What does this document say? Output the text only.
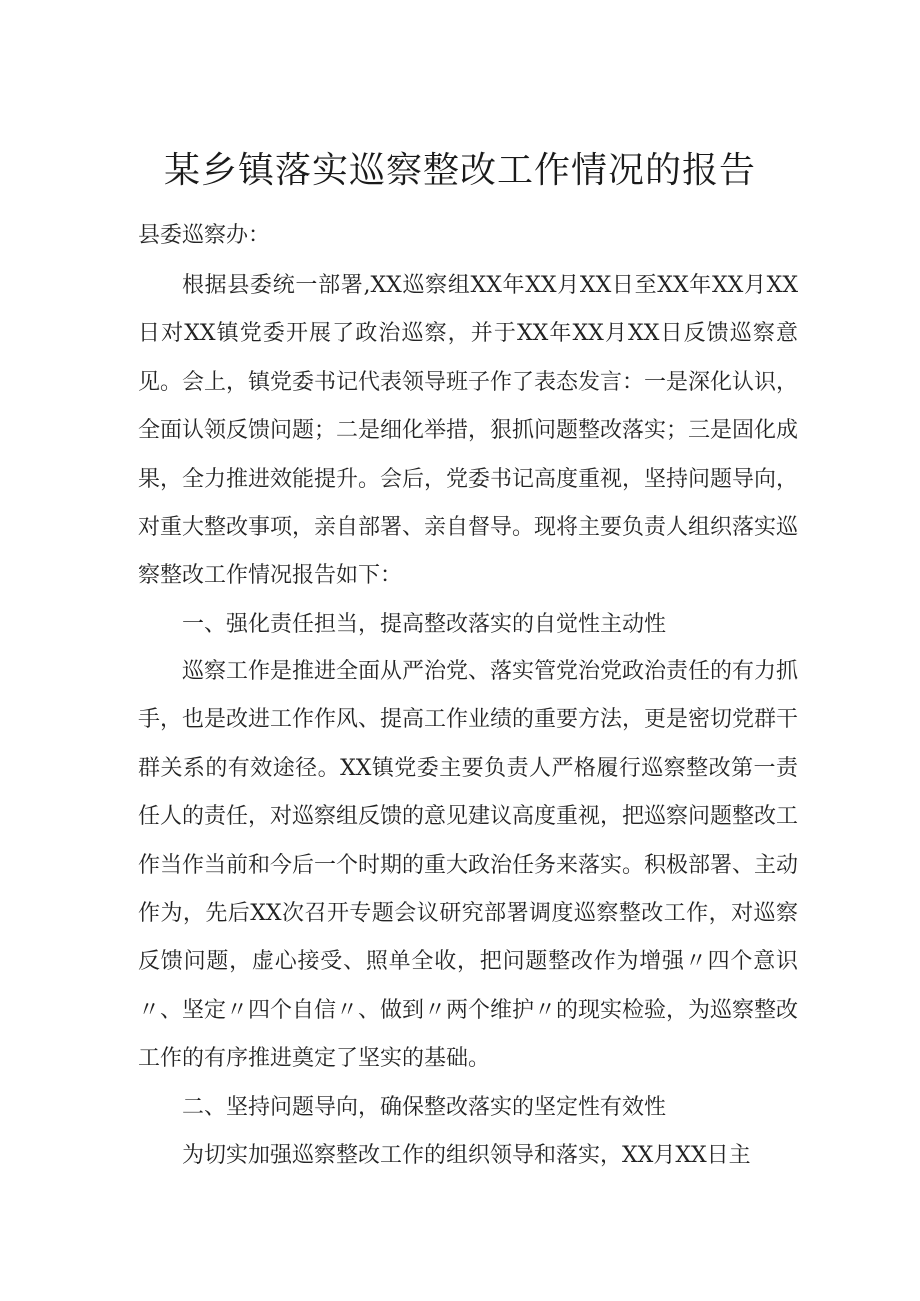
某乡镇落实巡察整改工作情况的报告
县委巡察办：

根据县委统一部署,XX巡察组XX年XX月XX日至XX年XX月XX日对XX镇党委开展了政治巡察，并于XX年XX月XX日反馈巡察意见。会上，镇党委书记代表领导班子作了表态发言：一是深化认识，全面认领反馈问题；二是细化举措，狠抓问题整改落实；三是固化成果，全力推进效能提升。会后，党委书记高度重视，坚持问题导向，对重大整改事项，亲自部署、亲自督导。现将主要负责人组织落实巡察整改工作情况报告如下：

一、强化责任担当，提高整改落实的自觉性主动性

巡察工作是推进全面从严治党、落实管党治党政治责任的有力抓手，也是改进工作作风、提高工作业绩的重要方法，更是密切党群干群关系的有效途径。XX镇党委主要负责人严格履行巡察整改第一责任人的责任，对巡察组反馈的意见建议高度重视，把巡察问题整改工作当作当前和今后一个时期的重大政治任务来落实。积极部署、主动作为，先后XX次召开专题会议研究部署调度巡察整改工作，对巡察反馈问题，虚心接受、照单全收，把问题整改作为增强〃四个意识〃、坚定〃四个自信〃、做到〃两个维护〃的现实检验，为巡察整改工作的有序推进奠定了坚实的基础。

二、坚持问题导向，确保整改落实的坚定性有效性

为切实加强巡察整改工作的组织领导和落实，XX月XX日主
